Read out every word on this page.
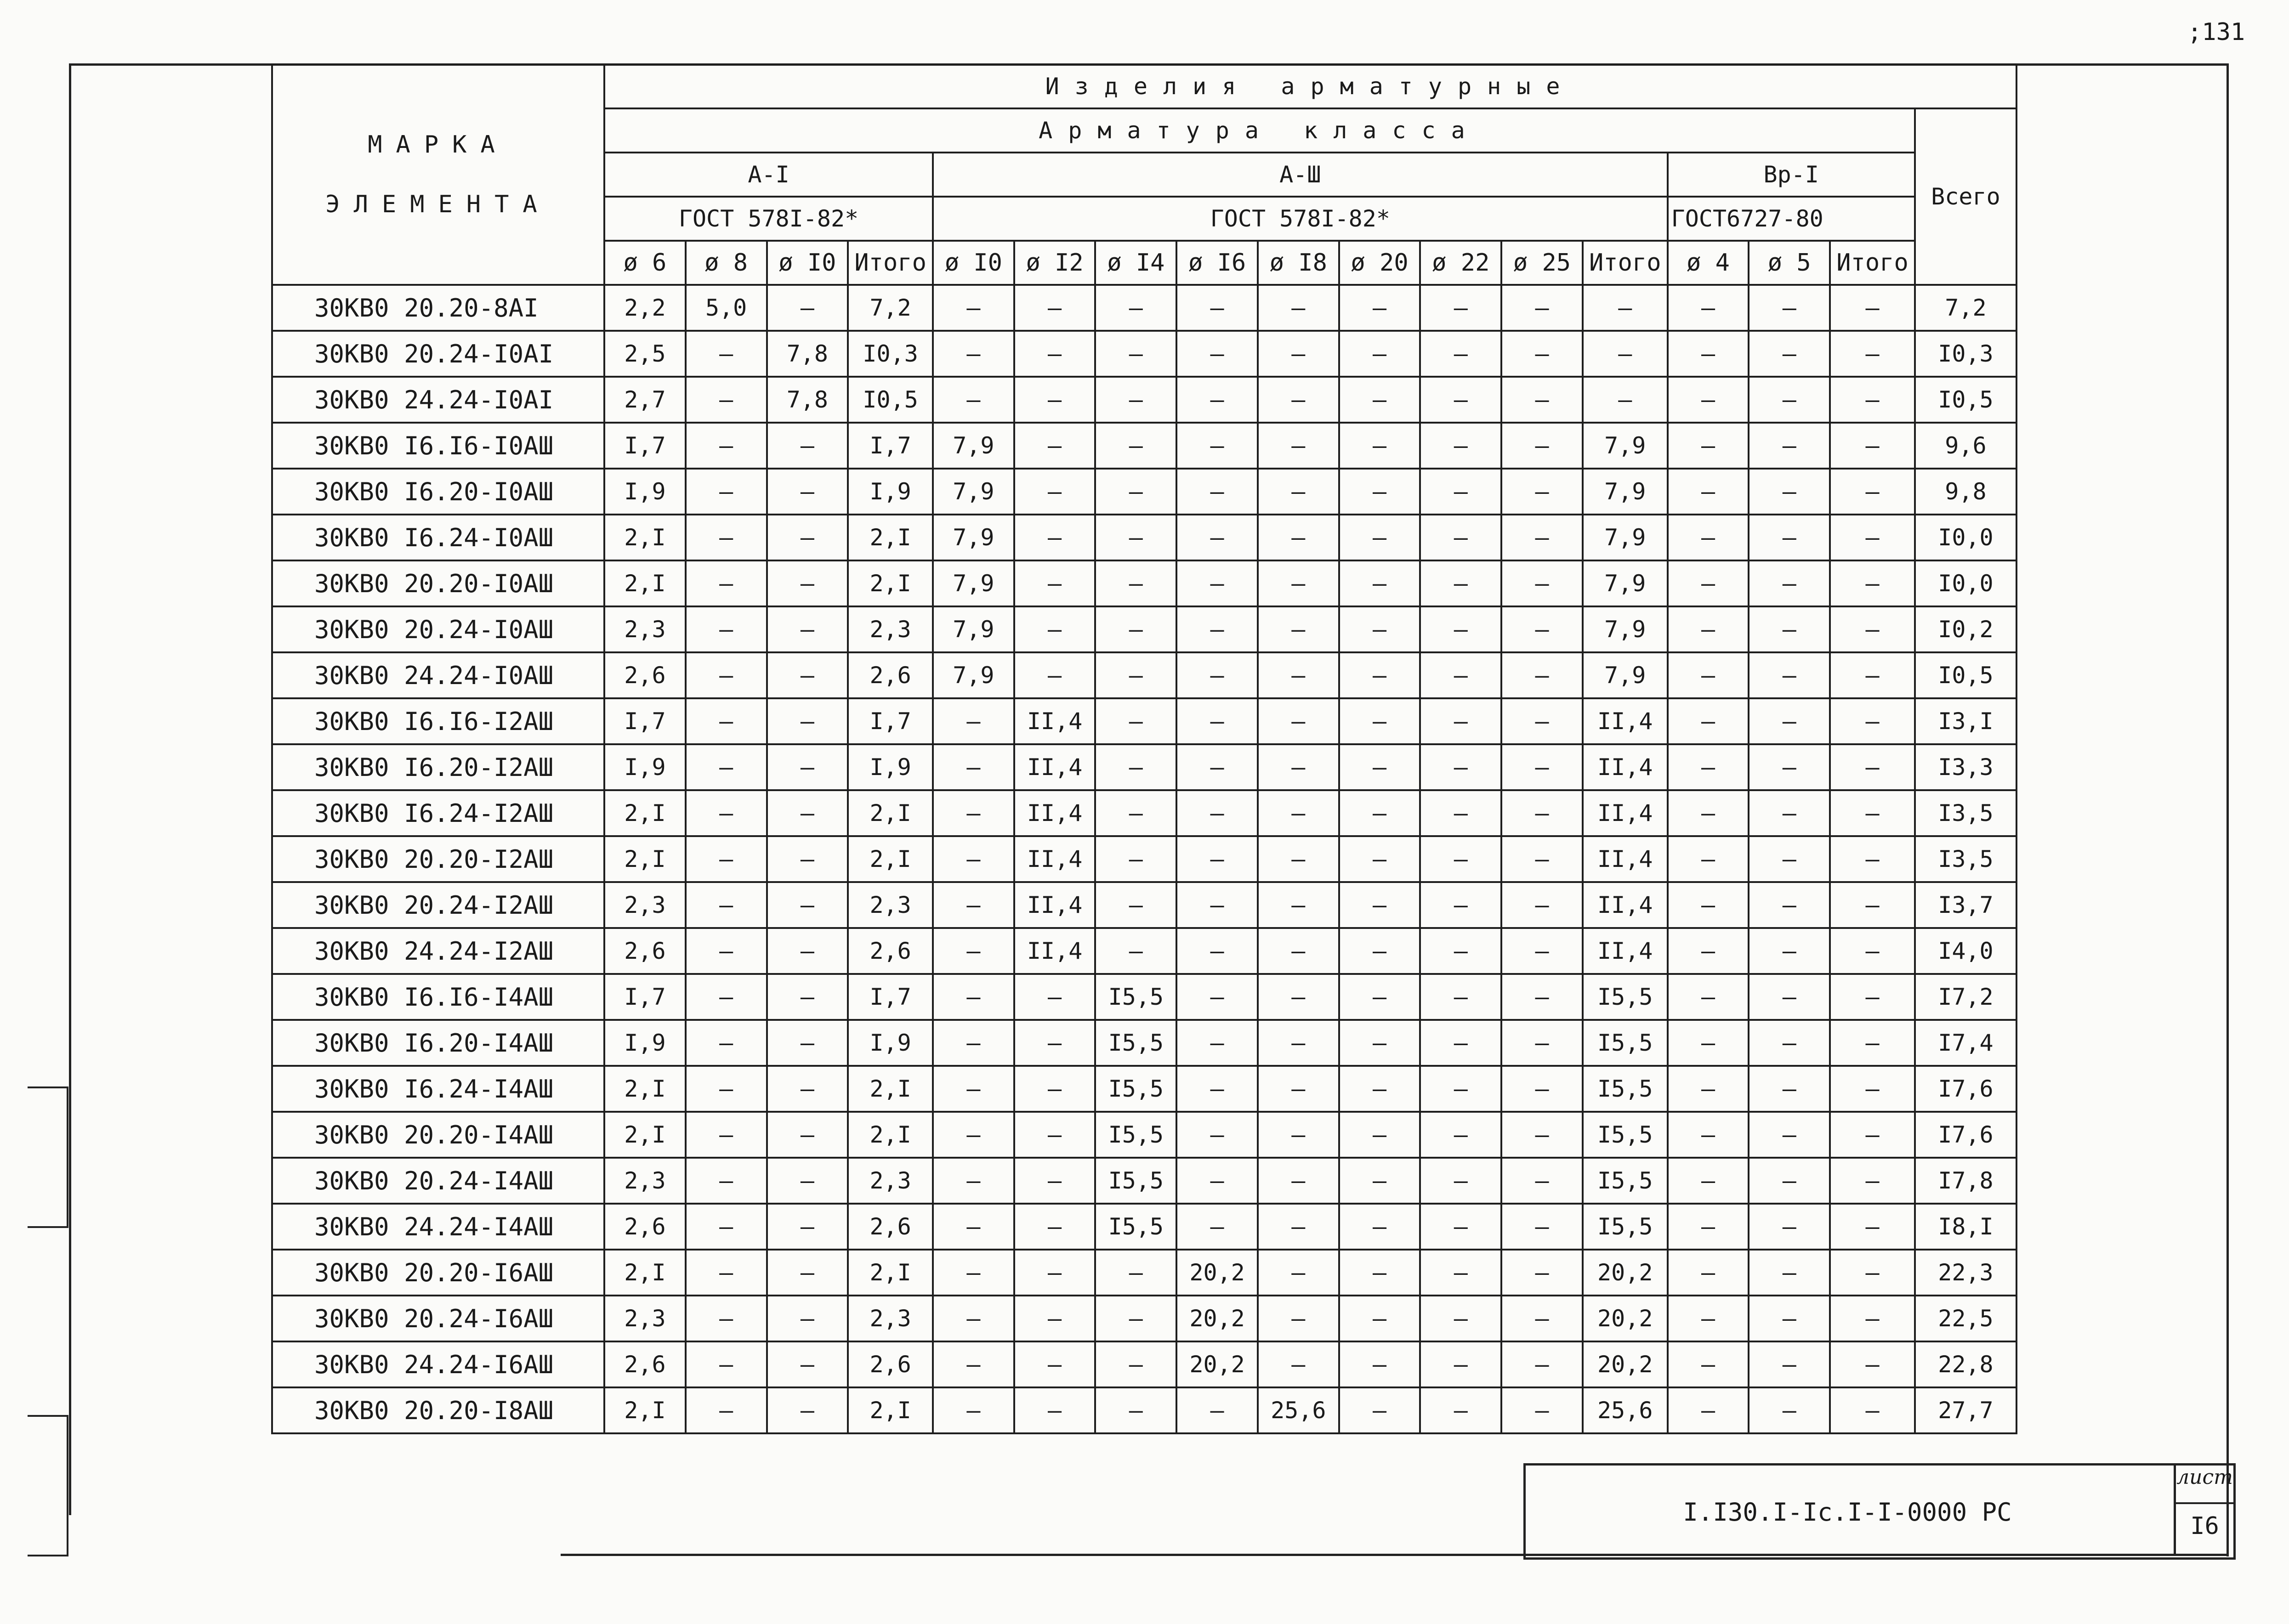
;131
МАРКА
ЭЛЕМЕНТА	Изделия арматурные																
	Арматура класса																Всего
	A-I				A-Ш									Bp-I			
	ГОСТ 578I-82*				ГОСТ 578I-82*									ГОСТ6727-80			
	ø 6	ø 8	ø I0	Итого	ø I0	ø I2	ø I4	ø I6	ø I8	ø 20	ø 22	ø 25	Итого	ø 4	ø 5	Итого	
30КВ0 20.20-8АI	2,2	5,0	–	7,2	–	–	–	–	–	–	–	–	–	–	–	–	7,2
30КВ0 20.24-I0АI	2,5	–	7,8	I0,3	–	–	–	–	–	–	–	–	–	–	–	–	I0,3
30КВ0 24.24-I0АI	2,7	–	7,8	I0,5	–	–	–	–	–	–	–	–	–	–	–	–	I0,5
30КВ0 I6.I6-I0АШ	I,7	–	–	I,7	7,9	–	–	–	–	–	–	–	7,9	–	–	–	9,6
30КВ0 I6.20-I0АШ	I,9	–	–	I,9	7,9	–	–	–	–	–	–	–	7,9	–	–	–	9,8
30КВ0 I6.24-I0АШ	2,I	–	–	2,I	7,9	–	–	–	–	–	–	–	7,9	–	–	–	I0,0
30КВ0 20.20-I0АШ	2,I	–	–	2,I	7,9	–	–	–	–	–	–	–	7,9	–	–	–	I0,0
30КВ0 20.24-I0АШ	2,3	–	–	2,3	7,9	–	–	–	–	–	–	–	7,9	–	–	–	I0,2
30КВ0 24.24-I0АШ	2,6	–	–	2,6	7,9	–	–	–	–	–	–	–	7,9	–	–	–	I0,5
30КВ0 I6.I6-I2АШ	I,7	–	–	I,7	–	II,4	–	–	–	–	–	–	II,4	–	–	–	I3,I
30КВ0 I6.20-I2АШ	I,9	–	–	I,9	–	II,4	–	–	–	–	–	–	II,4	–	–	–	I3,3
30КВ0 I6.24-I2АШ	2,I	–	–	2,I	–	II,4	–	–	–	–	–	–	II,4	–	–	–	I3,5
30КВ0 20.20-I2АШ	2,I	–	–	2,I	–	II,4	–	–	–	–	–	–	II,4	–	–	–	I3,5
30КВ0 20.24-I2АШ	2,3	–	–	2,3	–	II,4	–	–	–	–	–	–	II,4	–	–	–	I3,7
30КВ0 24.24-I2АШ	2,6	–	–	2,6	–	II,4	–	–	–	–	–	–	II,4	–	–	–	I4,0
30КВ0 I6.I6-I4АШ	I,7	–	–	I,7	–	–	I5,5	–	–	–	–	–	I5,5	–	–	–	I7,2
30КВ0 I6.20-I4АШ	I,9	–	–	I,9	–	–	I5,5	–	–	–	–	–	I5,5	–	–	–	I7,4
30КВ0 I6.24-I4АШ	2,I	–	–	2,I	–	–	I5,5	–	–	–	–	–	I5,5	–	–	–	I7,6
30КВ0 20.20-I4АШ	2,I	–	–	2,I	–	–	I5,5	–	–	–	–	–	I5,5	–	–	–	I7,6
30КВ0 20.24-I4АШ	2,3	–	–	2,3	–	–	I5,5	–	–	–	–	–	I5,5	–	–	–	I7,8
30КВ0 24.24-I4АШ	2,6	–	–	2,6	–	–	I5,5	–	–	–	–	–	I5,5	–	–	–	I8,I
30КВ0 20.20-I6АШ	2,I	–	–	2,I	–	–	–	20,2	–	–	–	–	20,2	–	–	–	22,3
30КВ0 20.24-I6АШ	2,3	–	–	2,3	–	–	–	20,2	–	–	–	–	20,2	–	–	–	22,5
30КВ0 24.24-I6АШ	2,6	–	–	2,6	–	–	–	20,2	–	–	–	–	20,2	–	–	–	22,8
30КВ0 20.20-I8АШ	2,I	–	–	2,I	–	–	–	–	25,6	–	–	–	25,6	–	–	–	27,7
I.I30.I-Ic.I-I-0000 PC
лист
I6
